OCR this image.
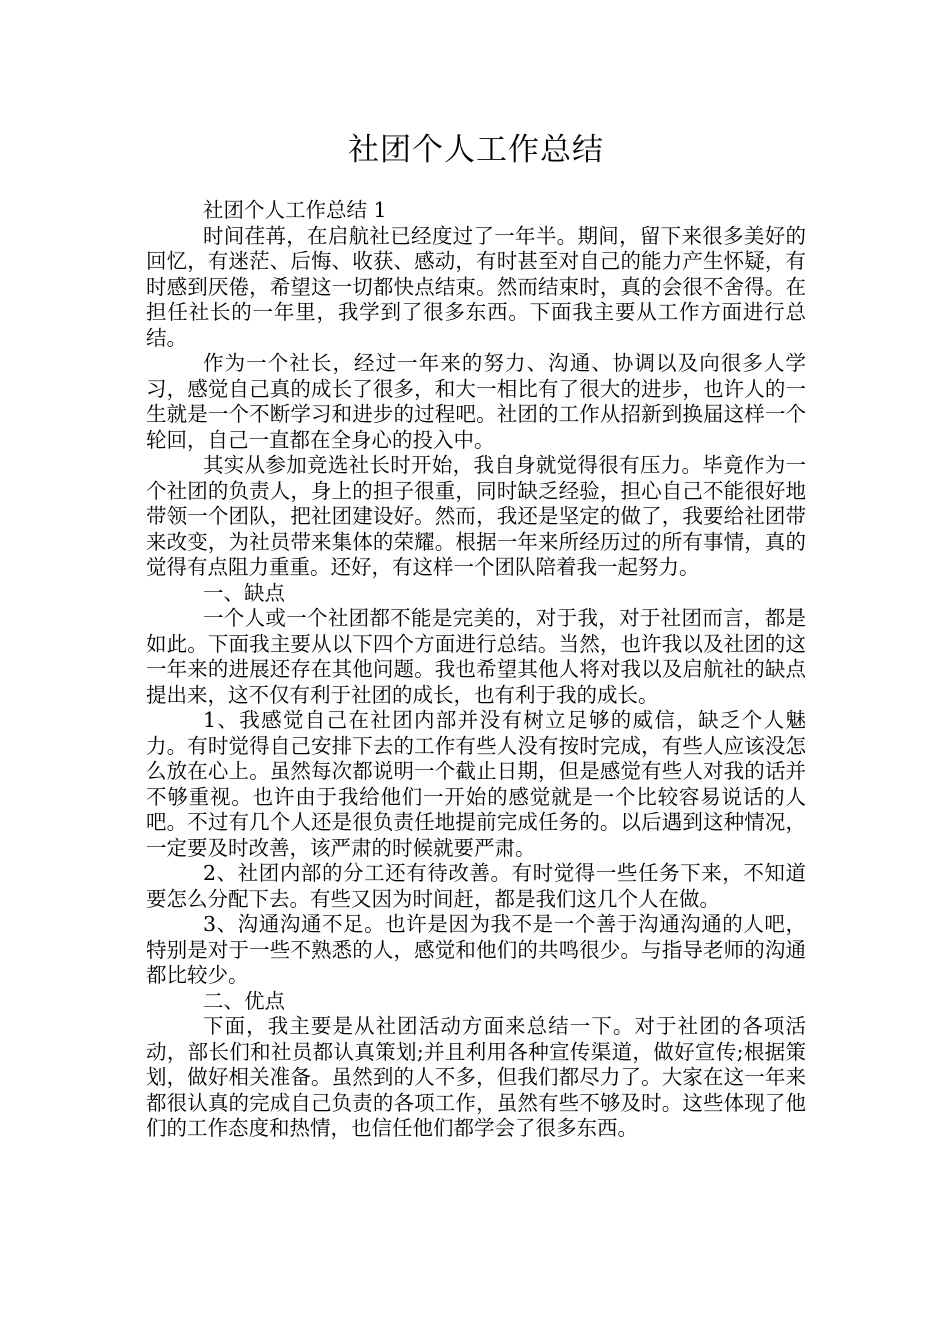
社团个人工作总结

社团个人工作总结 1

时间荏苒，在启航社已经度过了一年半。期间，留下来很多美好的回忆，有迷茫、后悔、收获、感动，有时甚至对自己的能力产生怀疑，有时感到厌倦，希望这一切都快点结束。然而结束时，真的会很不舍得。在担任社长的一年里，我学到了很多东西。下面我主要从工作方面进行总结。

作为一个社长，经过一年来的努力、沟通、协调以及向很多人学习，感觉自己真的成长了很多，和大一相比有了很大的进步，也许人的一生就是一个不断学习和进步的过程吧。社团的工作从招新到换届这样一个轮回，自己一直都在全身心的投入中。

其实从参加竞选社长时开始，我自身就觉得很有压力。毕竟作为一个社团的负责人，身上的担子很重，同时缺乏经验，担心自己不能很好地带领一个团队，把社团建设好。然而，我还是坚定的做了，我要给社团带来改变，为社员带来集体的荣耀。根据一年来所经历过的所有事情，真的觉得有点阻力重重。还好，有这样一个团队陪着我一起努力。

一、缺点

一个人或一个社团都不能是完美的，对于我，对于社团而言，都是如此。下面我主要从以下四个方面进行总结。当然，也许我以及社团的这一年来的进展还存在其他问题。我也希望其他人将对我以及启航社的缺点提出来，这不仅有利于社团的成长，也有利于我的成长。

1、我感觉自己在社团内部并没有树立足够的威信，缺乏个人魅力。有时觉得自己安排下去的工作有些人没有按时完成，有些人应该没怎么放在心上。虽然每次都说明一个截止日期，但是感觉有些人对我的话并不够重视。也许由于我给他们一开始的感觉就是一个比较容易说话的人吧。不过有几个人还是很负责任地提前完成任务的。以后遇到这种情况，一定要及时改善，该严肃的时候就要严肃。

2、社团内部的分工还有待改善。有时觉得一些任务下来，不知道要怎么分配下去。有些又因为时间赶，都是我们这几个人在做。

3、沟通沟通不足。也许是因为我不是一个善于沟通沟通的人吧，特别是对于一些不熟悉的人，感觉和他们的共鸣很少。与指导老师的沟通都比较少。

二、优点

下面，我主要是从社团活动方面来总结一下。对于社团的各项活动，部长们和社员都认真策划;并且利用各种宣传渠道，做好宣传;根据策划，做好相关准备。虽然到的人不多，但我们都尽力了。大家在这一年来都很认真的完成自己负责的各项工作，虽然有些不够及时。这些体现了他们的工作态度和热情，也信任他们都学会了很多东西。
